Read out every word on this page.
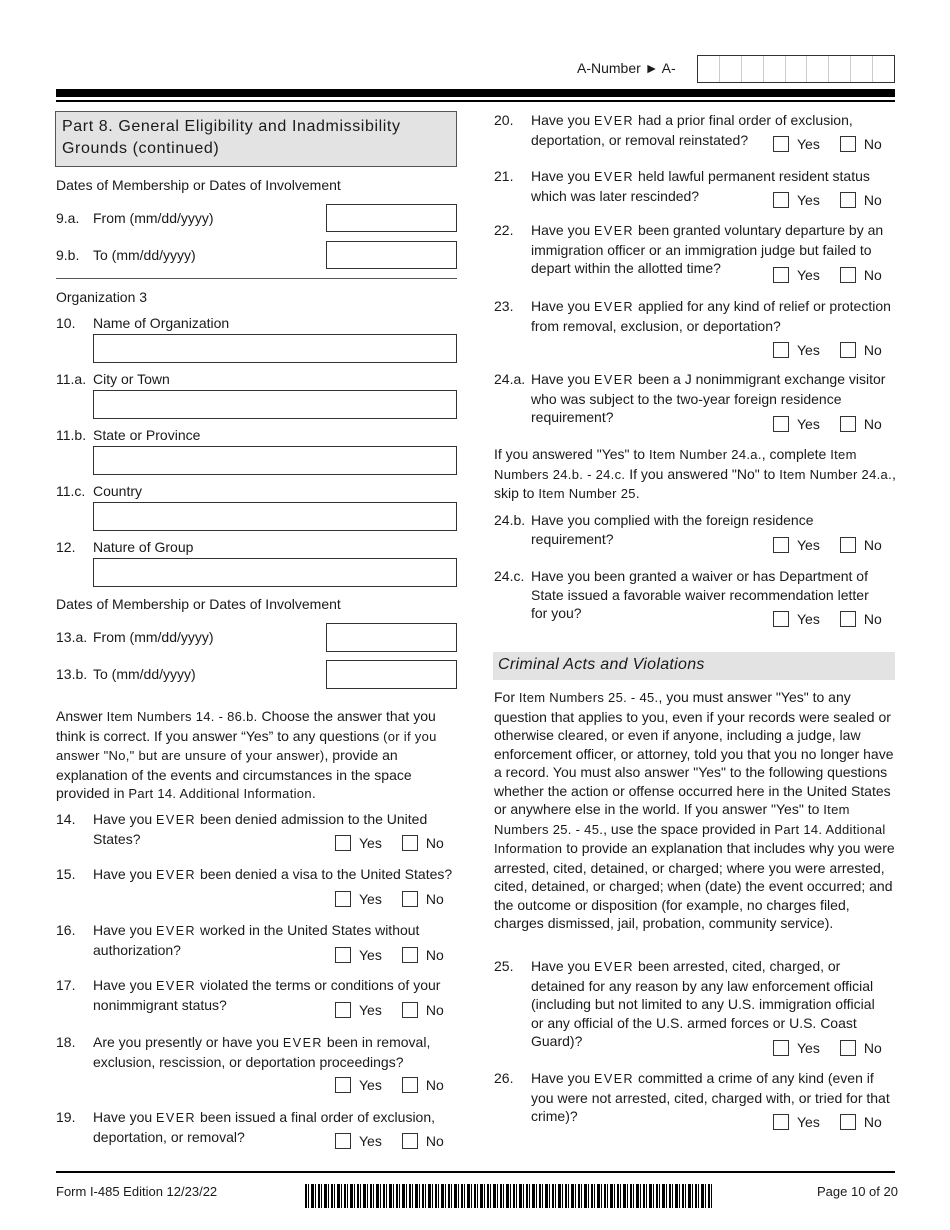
A-Number ► A-
Part 8. General Eligibility and Inadmissibility Grounds (continued)
Dates of Membership or Dates of Involvement
9.a. From (mm/dd/yyyy)
9.b. To (mm/dd/yyyy)
Organization 3
10. Name of Organization
11.a. City or Town
11.b. State or Province
11.c. Country
12. Nature of Group
Dates of Membership or Dates of Involvement
13.a. From (mm/dd/yyyy)
13.b. To (mm/dd/yyyy)
Answer Item Numbers 14. - 86.b. Choose the answer that you think is correct. If you answer “Yes” to any questions (or if you answer "No," but are unsure of your answer), provide an explanation of the events and circumstances in the space provided in Part 14. Additional Information.
14. Have you EVER been denied admission to the United States?	Yes	No
15. Have you EVER been denied a visa to the United States?
Yes	No
16. Have you EVER worked in the United States without authorization?	Yes	No
17. Have you EVER violated the terms or conditions of your nonimmigrant status?	Yes	No
18. Are you presently or have you EVER been in removal, exclusion, rescission, or deportation proceedings?
Yes	No
19. Have you EVER been issued a final order of exclusion, deportation, or removal?	Yes	No
20. Have you EVER had a prior final order of exclusion, deportation, or removal reinstated?	Yes	No
21. Have you EVER held lawful permanent resident status which was later rescinded?	Yes	No
22. Have you EVER been granted voluntary departure by an immigration officer or an immigration judge but failed to depart within the allotted time?	Yes	No
23. Have you EVER applied for any kind of relief or protection from removal, exclusion, or deportation?
Yes	No
24.a. Have you EVER been a J nonimmigrant exchange visitor who was subject to the two-year foreign residence requirement?	Yes	No
If you answered "Yes" to Item Number 24.a., complete Item Numbers 24.b. - 24.c. If you answered "No" to Item Number 24.a., skip to Item Number 25.
24.b. Have you complied with the foreign residence requirement?	Yes	No
24.c. Have you been granted a waiver or has Department of State issued a favorable waiver recommendation letter for you?	Yes	No
Criminal Acts and Violations
For Item Numbers 25. - 45., you must answer "Yes" to any question that applies to you, even if your records were sealed or otherwise cleared, or even if anyone, including a judge, law enforcement officer, or attorney, told you that you no longer have a record. You must also answer "Yes" to the following questions whether the action or offense occurred here in the United States or anywhere else in the world. If you answer "Yes" to Item Numbers 25. - 45., use the space provided in Part 14. Additional Information to provide an explanation that includes why you were arrested, cited, detained, or charged; where you were arrested, cited, detained, or charged; when (date) the event occurred; and the outcome or disposition (for example, no charges filed, charges dismissed, jail, probation, community service).
25. Have you EVER been arrested, cited, charged, or detained for any reason by any law enforcement official (including but not limited to any U.S. immigration official or any official of the U.S. armed forces or U.S. Coast Guard)?	Yes	No
26. Have you EVER committed a crime of any kind (even if you were not arrested, cited, charged with, or tried for that crime)?	Yes	No
Form I-485 Edition 12/23/22	Page 10 of 20
